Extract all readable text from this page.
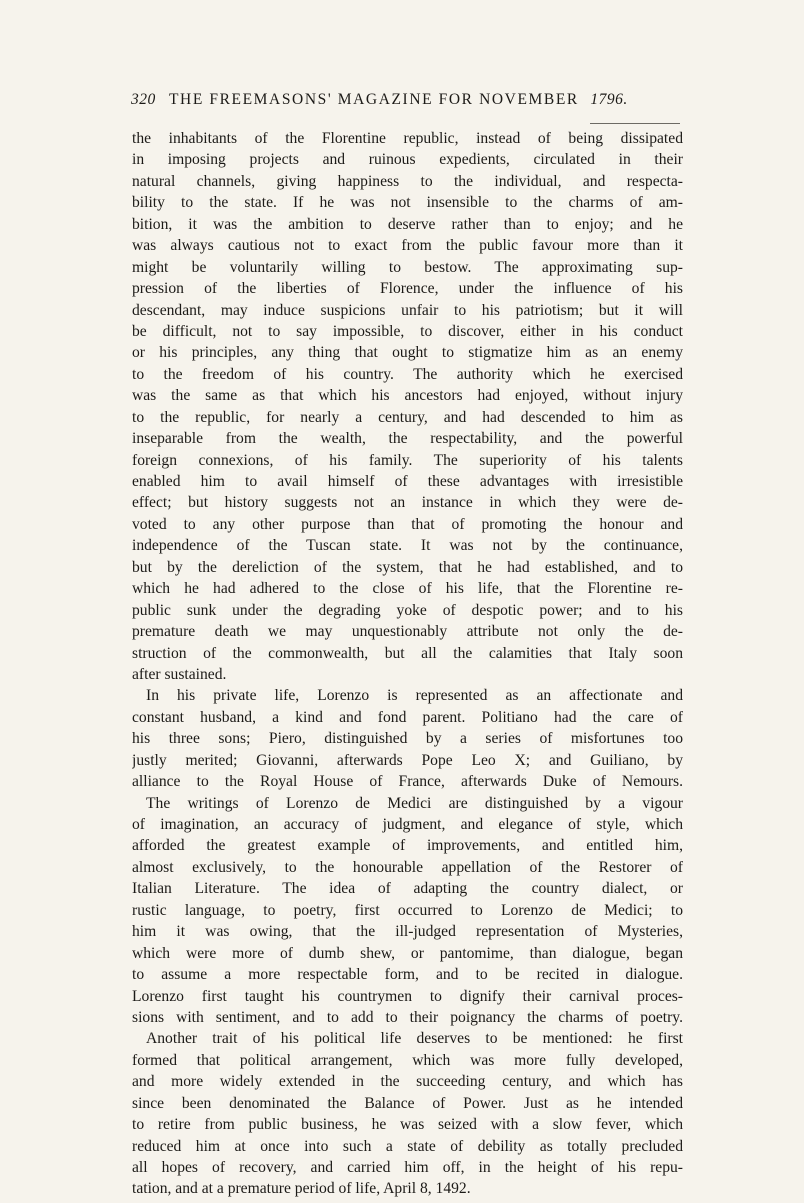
320 THE FREEMASONS' MAGAZINE FOR NOVEMBER 1796.
the inhabitants of the Florentine republic, instead of being dissipated
in imposing projects and ruinous expedients, circulated in their
natural channels, giving happiness to the individual, and respecta-
bility to the state. If he was not insensible to the charms of am-
bition, it was the ambition to deserve rather than to enjoy; and he
was always cautious not to exact from the public favour more than it
might be voluntarily willing to bestow. The approximating sup-
pression of the liberties of Florence, under the influence of his
descendant, may induce suspicions unfair to his patriotism; but it will
be difficult, not to say impossible, to discover, either in his conduct
or his principles, any thing that ought to stigmatize him as an enemy
to the freedom of his country. The authority which he exercised
was the same as that which his ancestors had enjoyed, without injury
to the republic, for nearly a century, and had descended to him as
inseparable from the wealth, the respectability, and the powerful
foreign connexions, of his family. The superiority of his talents
enabled him to avail himself of these advantages with irresistible
effect; but history suggests not an instance in which they were de-
voted to any other purpose than that of promoting the honour and
independence of the Tuscan state. It was not by the continuance,
but by the dereliction of the system, that he had established, and to
which he had adhered to the close of his life, that the Florentine re-
public sunk under the degrading yoke of despotic power; and to his
premature death we may unquestionably attribute not only the de-
struction of the commonwealth, but all the calamities that Italy soon
after sustained.
In his private life, Lorenzo is represented as an affectionate and
constant husband, a kind and fond parent. Politiano had the care of
his three sons; Piero, distinguished by a series of misfortunes too
justly merited; Giovanni, afterwards Pope Leo X; and Guiliano, by
alliance to the Royal House of France, afterwards Duke of Nemours.
The writings of Lorenzo de Medici are distinguished by a vigour
of imagination, an accuracy of judgment, and elegance of style, which
afforded the greatest example of improvements, and entitled him,
almost exclusively, to the honourable appellation of the Restorer of
Italian Literature. The idea of adapting the country dialect, or
rustic language, to poetry, first occurred to Lorenzo de Medici; to
him it was owing, that the ill-judged representation of Mysteries,
which were more of dumb shew, or pantomime, than dialogue, began
to assume a more respectable form, and to be recited in dialogue.
Lorenzo first taught his countrymen to dignify their carnival proces-
sions with sentiment, and to add to their poignancy the charms of poetry.
Another trait of his political life deserves to be mentioned: he first
formed that political arrangement, which was more fully developed,
and more widely extended in the succeeding century, and which has
since been denominated the Balance of Power. Just as he intended
to retire from public business, he was seized with a slow fever, which
reduced him at once into such a state of debility as totally precluded
all hopes of recovery, and carried him off, in the height of his repu-
tation, and at a premature period of life, April 8, 1492.
